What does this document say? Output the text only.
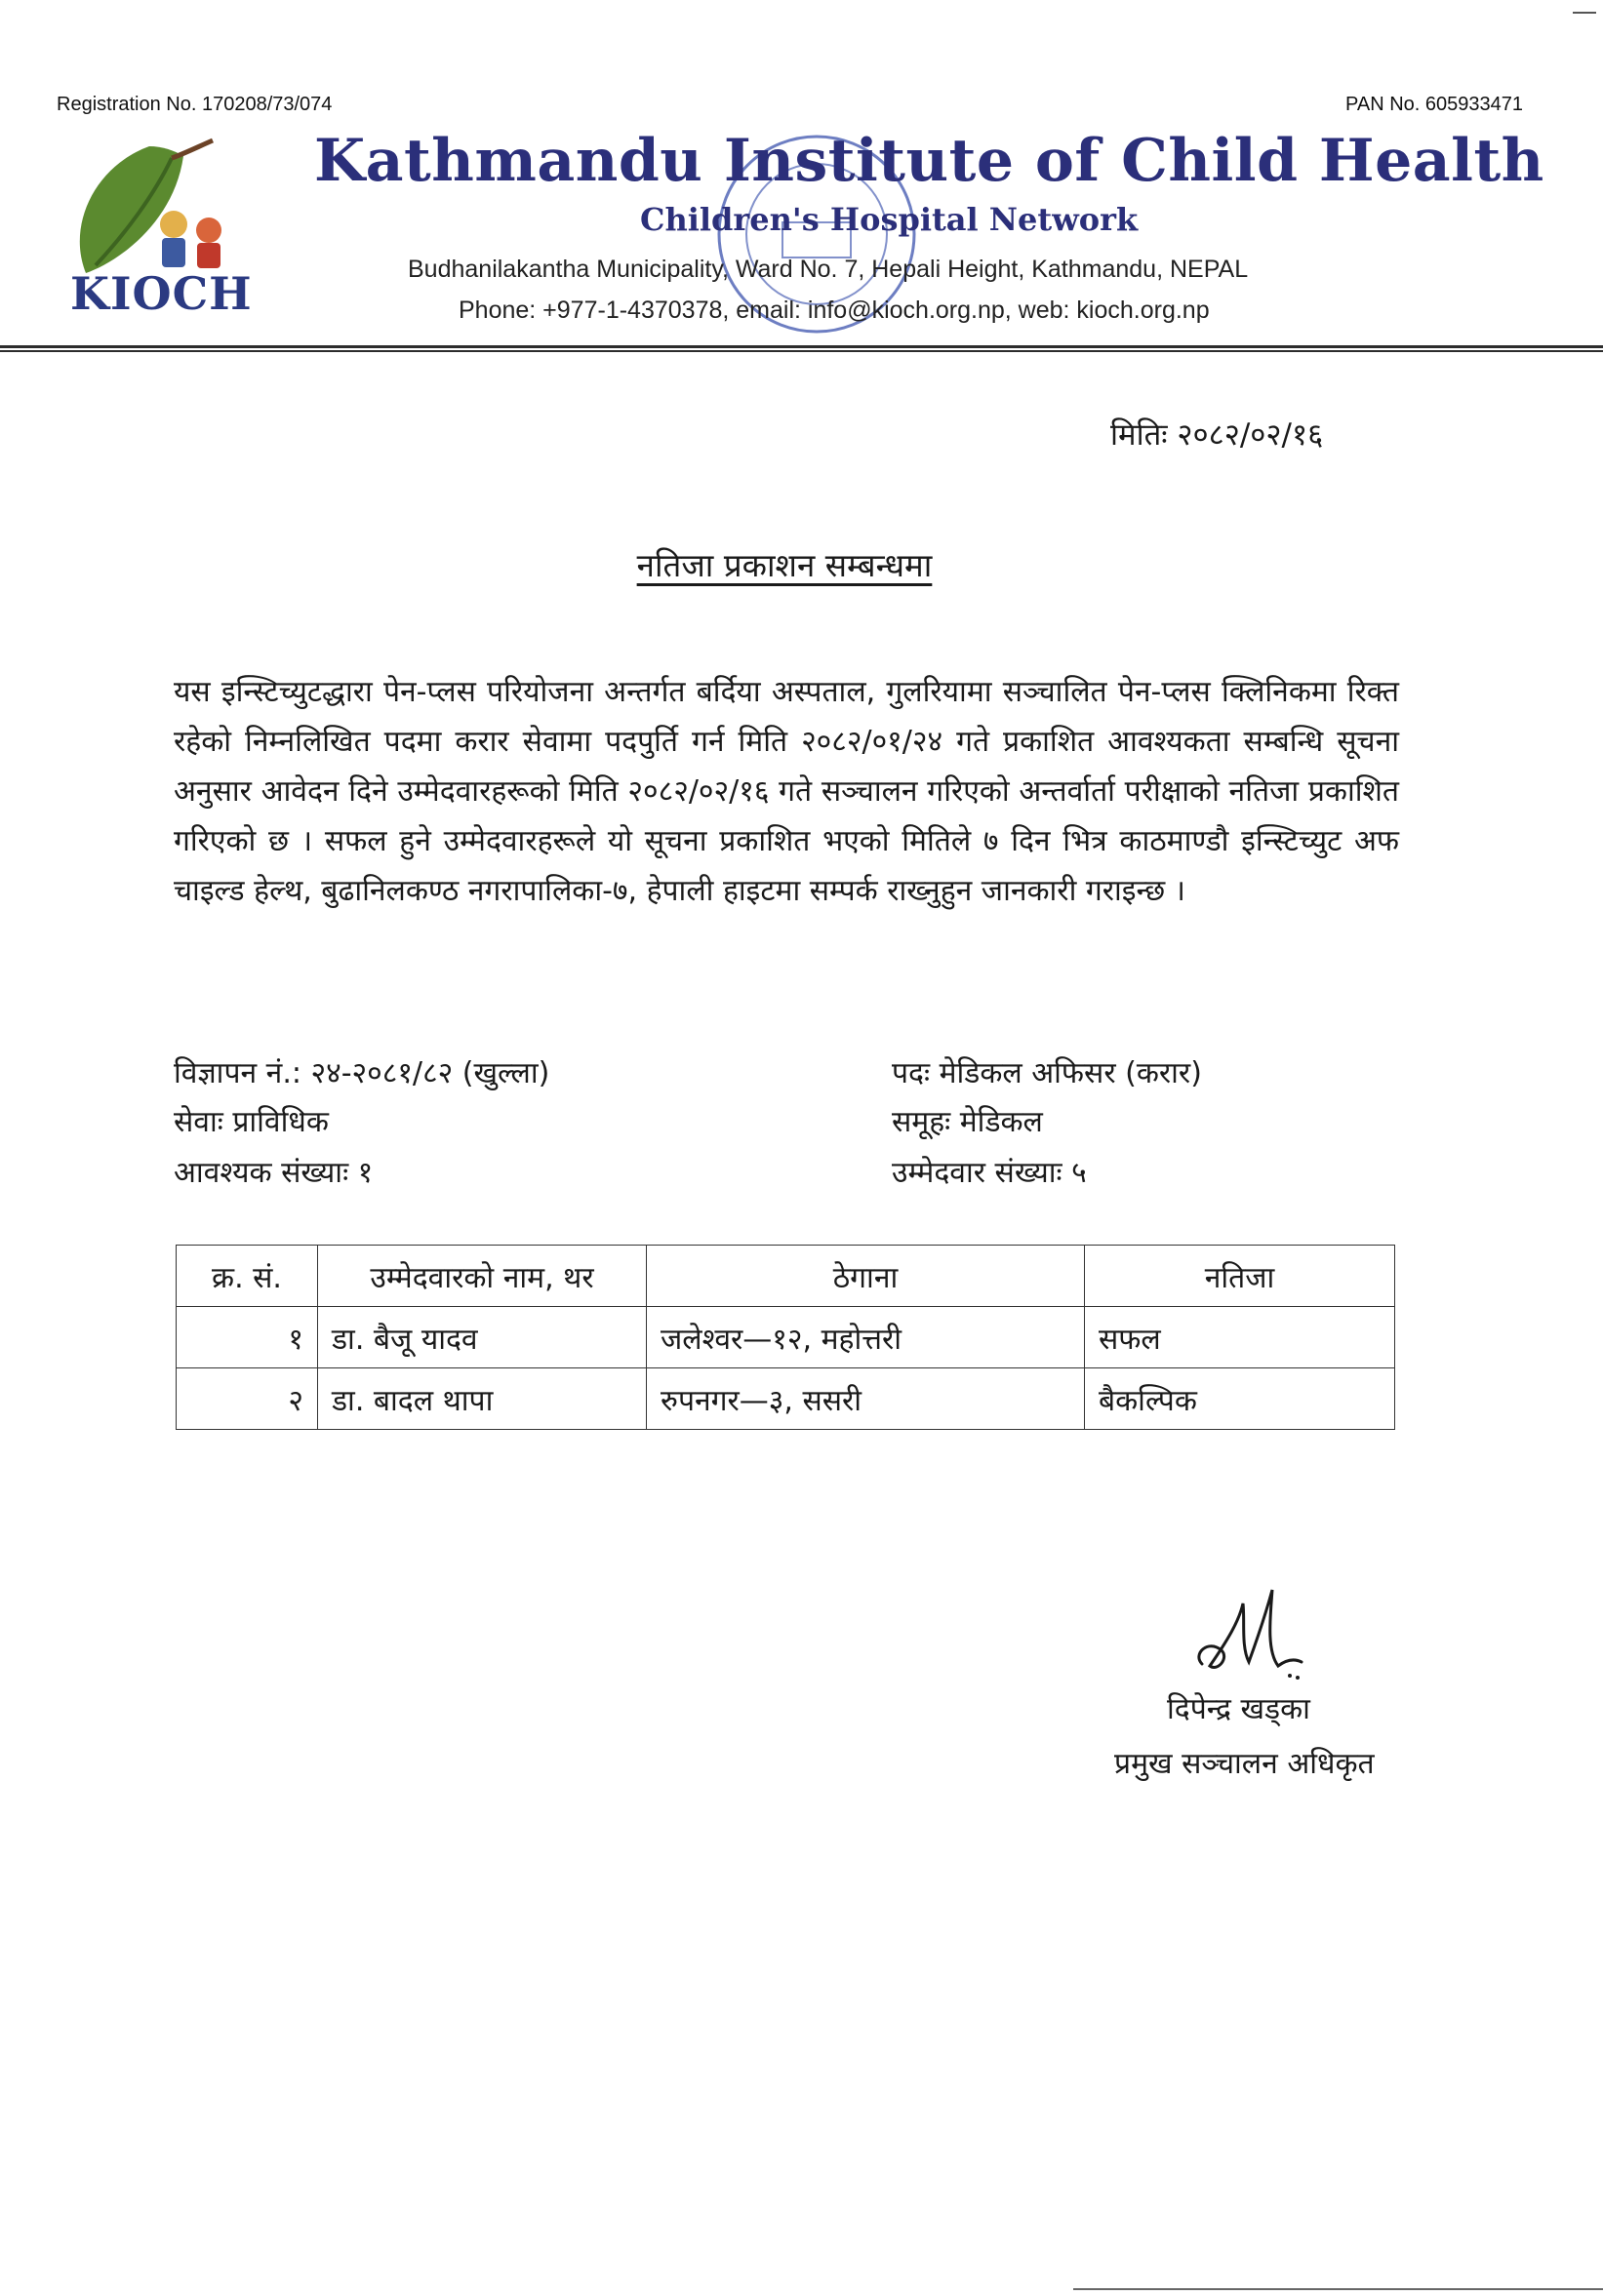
Registration No. 170208/73/074	PAN No. 605933471
KIOCH
Kathmandu Institute of Child Health
Children's Hospital Network
Budhanilakantha Municipality, Ward No. 7, Hepali Height, Kathmandu, NEPAL
Phone: +977-1-4370378, email: info@kioch.org.np, web: kioch.org.np
मितिः २०८२/०२/१६
नतिजा प्रकाशन सम्बन्धमा
यस इन्स्टिच्युटद्धारा पेन-प्लस परियोजना अन्तर्गत बर्दिया अस्पताल, गुलरियामा सञ्चालित पेन-प्लस क्लिनिकमा रिक्त रहेको निम्नलिखित पदमा करार सेवामा पदपुर्ति गर्न मिति २०८२/०१/२४ गते प्रकाशित आवश्यकता सम्बन्धि सूचना अनुसार आवेदन दिने उम्मेदवारहरूको मिति २०८२/०२/१६ गते सञ्चालन गरिएको अन्तर्वार्ता परीक्षाको नतिजा प्रकाशित गरिएको छ । सफल हुने उम्मेदवारहरूले यो सूचना प्रकाशित भएको मितिले ७ दिन भित्र काठमाण्डौ इन्स्टिच्युट अफ चाइल्ड हेल्थ, बुढानिलकण्ठ नगरापालिका-७, हेपाली हाइटमा सम्पर्क राख्नुहुन जानकारी गराइन्छ ।
विज्ञापन नं.: २४-२०८१/८२ (खुल्ला)
सेवाः प्राविधिक
आवश्यक संख्याः १
पदः मेडिकल अफिसर (करार)
समूहः मेडिकल
उम्मेदवार संख्याः ५
क्र. सं.	उम्मेदवारको नाम, थर	ठेगाना	नतिजा
१	डा. बैजू यादव	जलेश्वर—१२, महोत्तरी	सफल
२	डा. बादल थापा	रुपनगर—३, ससरी	बैकल्पिक
दिपेन्द्र खड्का
प्रमुख सञ्चालन अधिकृत
